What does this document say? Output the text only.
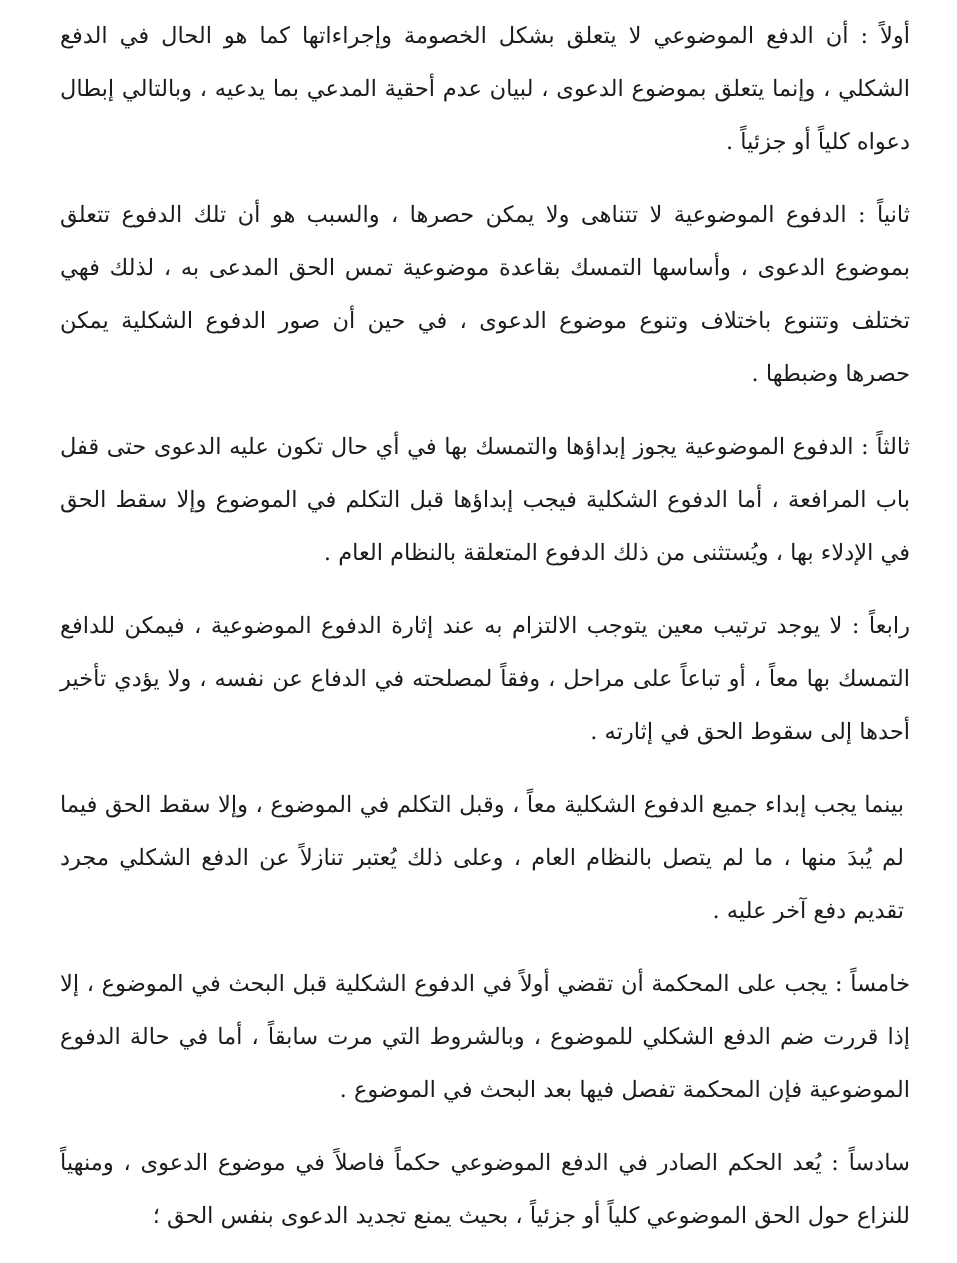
أولاً : أن الدفع الموضوعي لا يتعلق بشكل الخصومة وإجراءاتها كما هو الحال في الدفع الشكلي ، وإنما يتعلق بموضوع الدعوى ، لبيان عدم أحقية المدعي بما يدعيه ، وبالتالي إبطال دعواه كلياً أو جزئياً .

ثانياً : الدفوع الموضوعية لا تتناهى ولا يمكن حصرها ، والسبب هو أن تلك الدفوع تتعلق بموضوع الدعوى ، وأساسها التمسك بقاعدة موضوعية تمس الحق المدعى به ، لذلك فهي تختلف وتتنوع باختلاف وتنوع موضوع الدعوى ، في حين أن صور الدفوع الشكلية يمكن حصرها وضبطها .

ثالثاً : الدفوع الموضوعية يجوز إبداؤها والتمسك بها في أي حال تكون عليه الدعوى حتى قفل باب المرافعة ، أما الدفوع الشكلية فيجب إبداؤها قبل التكلم في الموضوع وإلا سقط الحق في الإدلاء بها ، ويُستثنى من ذلك الدفوع المتعلقة بالنظام العام .

رابعاً : لا يوجد ترتيب معين يتوجب الالتزام به عند إثارة الدفوع الموضوعية ، فيمكن للدافع التمسك بها معاً ، أو تباعاً على مراحل ، وفقاً لمصلحته في الدفاع عن نفسه ، ولا يؤدي تأخير أحدها إلى سقوط الحق في إثارته .

بينما يجب إبداء جميع الدفوع الشكلية معاً ، وقبل التكلم في الموضوع ، وإلا سقط الحق فيما لم يُبدَ منها ، ما لم يتصل بالنظام العام ، وعلى ذلك يُعتبر تنازلاً عن الدفع الشكلي مجرد تقديم دفع آخر عليه .

خامساً : يجب على المحكمة أن تقضي أولاً في الدفوع الشكلية قبل البحث في الموضوع ، إلا إذا قررت ضم الدفع الشكلي للموضوع ، وبالشروط التي مرت سابقاً ، أما في حالة الدفوع الموضوعية فإن المحكمة تفصل فيها بعد البحث في الموضوع .

سادساً : يُعد الحكم الصادر في الدفع الموضوعي حكماً فاصلاً في موضوع الدعوى ، ومنهياً للنزاع حول الحق الموضوعي كلياً أو جزئياً ، بحيث يمنع تجديد الدعوى بنفس الحق ؛
